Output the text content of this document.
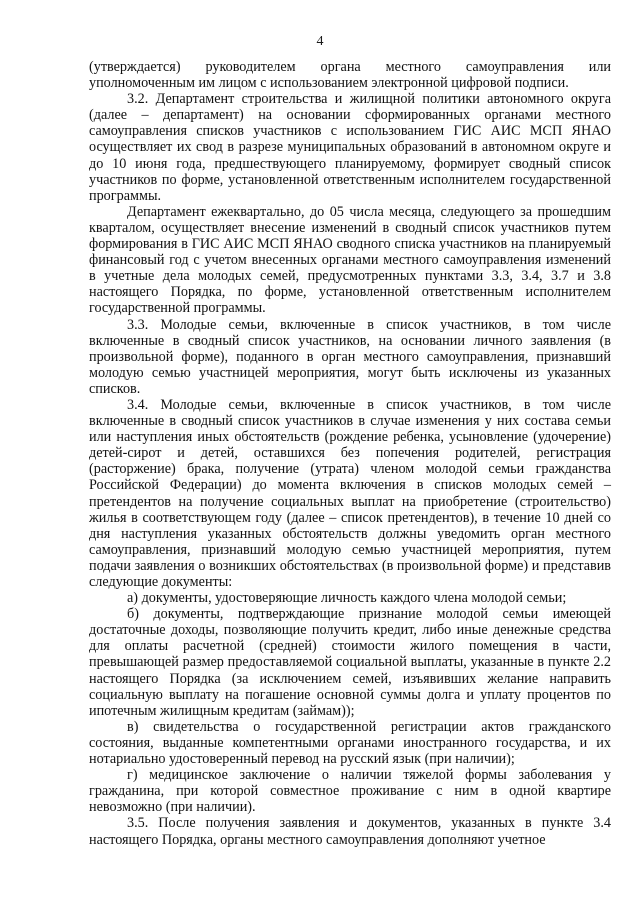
4

(утверждается) руководителем органа местного самоуправления или уполномоченным им лицом с использованием электронной цифровой подписи.

3.2. Департамент строительства и жилищной политики автономного округа (далее – департамент) на основании сформированных органами местного самоуправления списков участников с использованием ГИС АИС МСП ЯНАО осуществляет их свод в разрезе муниципальных образований в автономном округе и до 10 июня года, предшествующего планируемому, формирует сводный список участников по форме, установленной ответственным исполнителем государственной программы.

Департамент ежеквартально, до 05 числа месяца, следующего за прошедшим кварталом, осуществляет внесение изменений в сводный список участников путем формирования в ГИС АИС МСП ЯНАО сводного списка участников на планируемый финансовый год с учетом внесенных органами местного самоуправления изменений в учетные дела молодых семей, предусмотренных пунктами 3.3, 3.4, 3.7 и 3.8 настоящего Порядка, по форме, установленной ответственным исполнителем государственной программы.

3.3. Молодые семьи, включенные в список участников, в том числе включенные в сводный список участников, на основании личного заявления (в произвольной форме), поданного в орган местного самоуправления, признавший молодую семью участницей мероприятия, могут быть исключены из указанных списков.

3.4. Молодые семьи, включенные в список участников, в том числе включенные в сводный список участников в случае изменения у них состава семьи или наступления иных обстоятельств (рождение ребенка, усыновление (удочерение) детей-сирот и детей, оставшихся без попечения родителей, регистрация (расторжение) брака, получение (утрата) членом молодой семьи гражданства Российской Федерации) до момента включения в списков молодых семей – претендентов на получение социальных выплат на приобретение (строительство) жилья в соответствующем году (далее – список претендентов), в течение 10 дней со дня наступления указанных обстоятельств должны уведомить орган местного самоуправления, признавший молодую семью участницей мероприятия, путем подачи заявления о возникших обстоятельствах (в произвольной форме) и представив следующие документы:

а) документы, удостоверяющие личность каждого члена молодой семьи;

б) документы, подтверждающие признание молодой семьи имеющей достаточные доходы, позволяющие получить кредит, либо иные денежные средства для оплаты расчетной (средней) стоимости жилого помещения в части, превышающей размер предоставляемой социальной выплаты, указанные в пункте 2.2 настоящего Порядка (за исключением семей, изъявивших желание направить социальную выплату на погашение основной суммы долга и уплату процентов по ипотечным жилищным кредитам (займам));

в) свидетельства о государственной регистрации актов гражданского состояния, выданные компетентными органами иностранного государства, и их нотариально удостоверенный перевод на русский язык (при наличии);

г) медицинское заключение о наличии тяжелой формы заболевания у гражданина, при которой совместное проживание с ним в одной квартире невозможно (при наличии).

3.5. После получения заявления и документов, указанных в пункте 3.4 настоящего Порядка, органы местного самоуправления дополняют учетное
